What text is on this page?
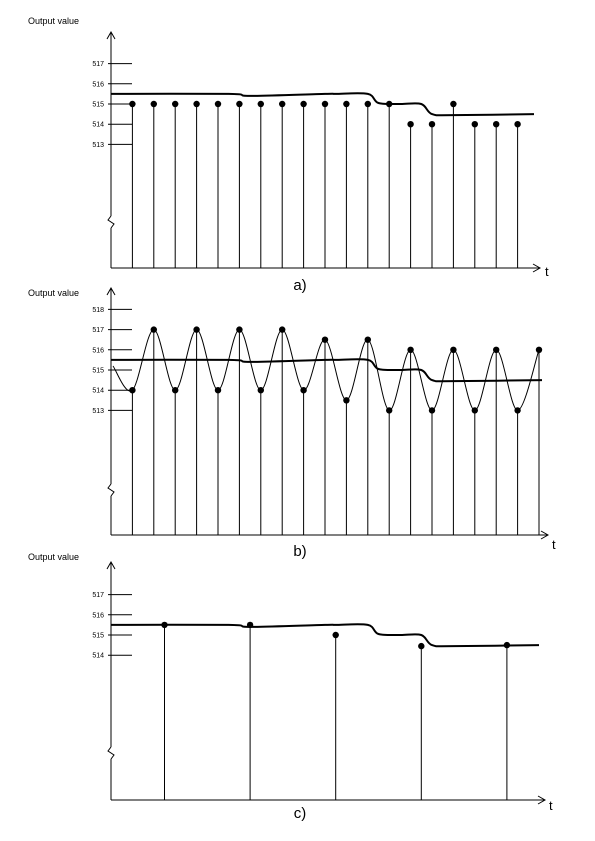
Output value
t
513
514
515
516
517
a)
Output value
t
513
514
515
516
517
518
b)
Output value
t
514
515
516
517
c)
